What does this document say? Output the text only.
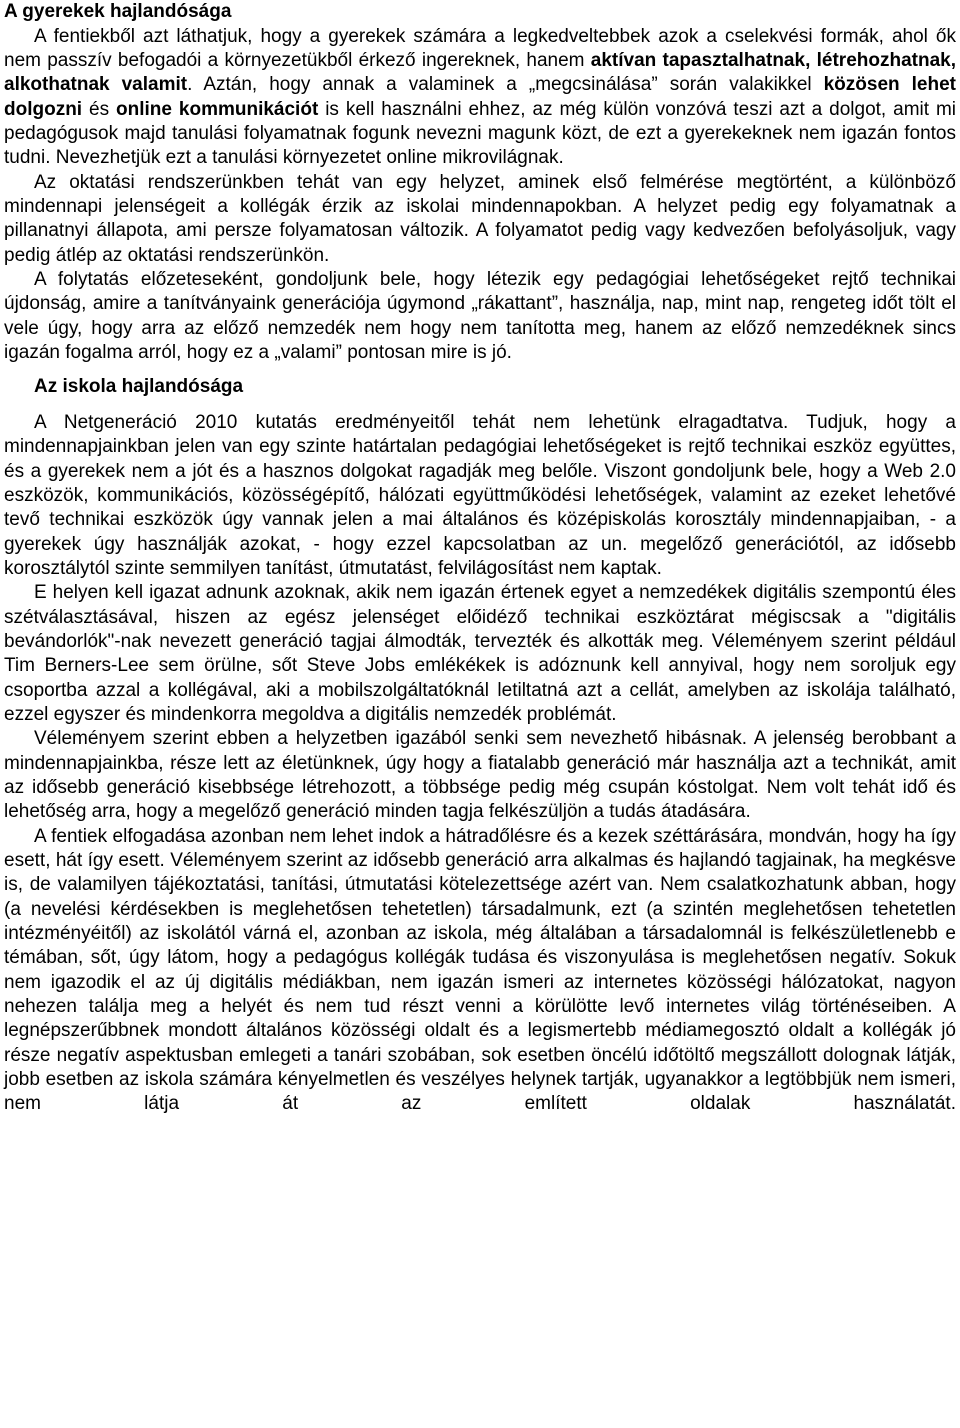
A gyerekek hajlandósága

A fentiekből azt láthatjuk, hogy a gyerekek számára a legkedveltebbek azok a cselekvési formák, ahol ők nem passzív befogadói a környezetükből érkező ingereknek, hanem aktívan tapasztalhatnak, létrehozhatnak, alkothatnak valamit. Aztán, hogy annak a valaminek a „megcsinálása” során valakikkel közösen lehet dolgozni és online kommunikációt is kell használni ehhez, az még külön vonzóvá teszi azt a dolgot, amit mi pedagógusok majd tanulási folyamatnak fogunk nevezni magunk közt, de ezt a gyerekeknek nem igazán fontos tudni. Nevezhetjük ezt a tanulási környezetet online mikrovilágnak.

Az oktatási rendszerünkben tehát van egy helyzet, aminek első felmérése megtörtént, a különböző mindennapi jelenségeit a kollégák érzik az iskolai mindennapokban. A helyzet pedig egy folyamatnak a pillanatnyi állapota, ami persze folyamatosan változik. A folyamatot pedig vagy kedvezően befolyásoljuk, vagy pedig átlép az oktatási rendszerünkön.

A folytatás előzeteseként, gondoljunk bele, hogy létezik egy pedagógiai lehetőségeket rejtő technikai újdonság, amire a tanítványaink generációja úgymond „rákattant”, használja, nap, mint nap, rengeteg időt tölt el vele úgy, hogy arra az előző nemzedék nem hogy nem tanította meg, hanem az előző nemzedéknek sincs igazán fogalma arról, hogy ez a „valami” pontosan mire is jó.

Az iskola hajlandósága

A Netgeneráció 2010 kutatás eredményeitől tehát nem lehetünk elragadtatva. Tudjuk, hogy a mindennapjainkban jelen van egy szinte határtalan pedagógiai lehetőségeket is rejtő technikai eszköz együttes, és a gyerekek nem a jót és a hasznos dolgokat ragadják meg belőle. Viszont gondoljunk bele, hogy a Web 2.0 eszközök, kommunikációs, közösségépítő, hálózati együttműködési lehetőségek, valamint az ezeket lehetővé tevő technikai eszközök úgy vannak jelen a mai általános és középiskolás korosztály mindennapjaiban, - a gyerekek úgy használják azokat, - hogy ezzel kapcsolatban az un. megelőző generációtól, az idősebb korosztálytól szinte semmilyen tanítást, útmutatást, felvilágosítást nem kaptak.

E helyen kell igazat adnunk azoknak, akik nem igazán értenek egyet a nemzedékek digitális szempontú éles szétválasztásával, hiszen az egész jelenséget előidéző technikai eszköztárat mégiscsak a "digitális bevándorlók"-nak nevezett generáció tagjai álmodták, tervezték és alkották meg. Véleményem szerint például Tim Berners-Lee sem örülne, sőt Steve Jobs emlékékek is adóznunk kell annyival, hogy nem soroljuk egy csoportba azzal a kollégával, aki a mobilszolgáltatóknál letiltatná azt a cellát, amelyben az iskolája található, ezzel egyszer és mindenkorra megoldva a digitális nemzedék problémát.

Véleményem szerint ebben a helyzetben igazából senki sem nevezhető hibásnak. A jelenség berobbant a mindennapjainkba, része lett az életünknek, úgy hogy a fiatalabb generáció már használja azt a technikát, amit az idősebb generáció kisebbsége létrehozott, a többsége pedig még csupán kóstolgat. Nem volt tehát idő és lehetőség arra, hogy a megelőző generáció minden tagja felkészüljön a tudás átadására.

A fentiek elfogadása azonban nem lehet indok a hátradőlésre és a kezek széttárására, mondván, hogy ha így esett, hát így esett. Véleményem szerint az idősebb generáció arra alkalmas és hajlandó tagjainak, ha megkésve is, de valamilyen tájékoztatási, tanítási, útmutatási kötelezettsége azért van. Nem csalatkozhatunk abban, hogy (a nevelési kérdésekben is meglehetősen tehetetlen) társadalmunk, ezt (a szintén meglehetősen tehetetlen intézményéitől) az iskolától várná el, azonban az iskola, még általában a társadalomnál is felkészületlenebb e témában, sőt, úgy látom, hogy a pedagógus kollégák tudása és viszonyulása is meglehetősen negatív. Sokuk nem igazodik el az új digitális médiákban, nem igazán ismeri az internetes közösségi hálózatokat, nagyon nehezen találja meg a helyét és nem tud részt venni a körülötte levő internetes világ történéseiben. A legnépszerűbbnek mondott általános közösségi oldalt és a legismertebb médiamegosztó oldalt a kollégák jó része negatív aspektusban emlegeti a tanári szobában, sok esetben öncélú időtöltő megszállott dolognak látják, jobb esetben az iskola számára kényelmetlen és veszélyes helynek tartják, ugyanakkor a legtöbbjük nem ismeri, nem látja át az említett oldalak használatát.
